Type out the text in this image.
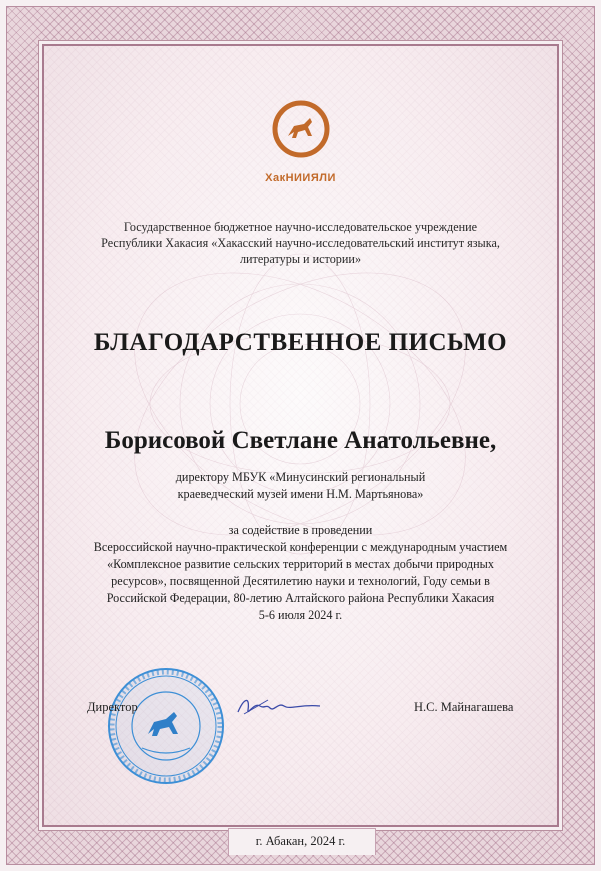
ХакНИИЯЛИ
Государственное бюджетное научно-исследовательское учреждение
Республики Хакасия «Хакасский научно-исследовательский институт языка,
литературы и истории»
БЛАГОДАРСТВЕННОЕ ПИСЬМО
Борисовой Светлане Анатольевне,
директору МБУК «Минусинский региональный
краеведческий музей имени Н.М. Мартьянова»
за содействие в проведении
Всероссийской научно-практической конференции с международным участием
«Комплексное развитие сельских территорий в местах добычи природных
ресурсов», посвященной Десятилетию науки и технологий, Году семьи в
Российской Федерации, 80-летию Алтайского района Республики Хакасия
5-6 июля 2024 г.
Директор	Н.С. Майнагашева
г. Абакан, 2024 г.
